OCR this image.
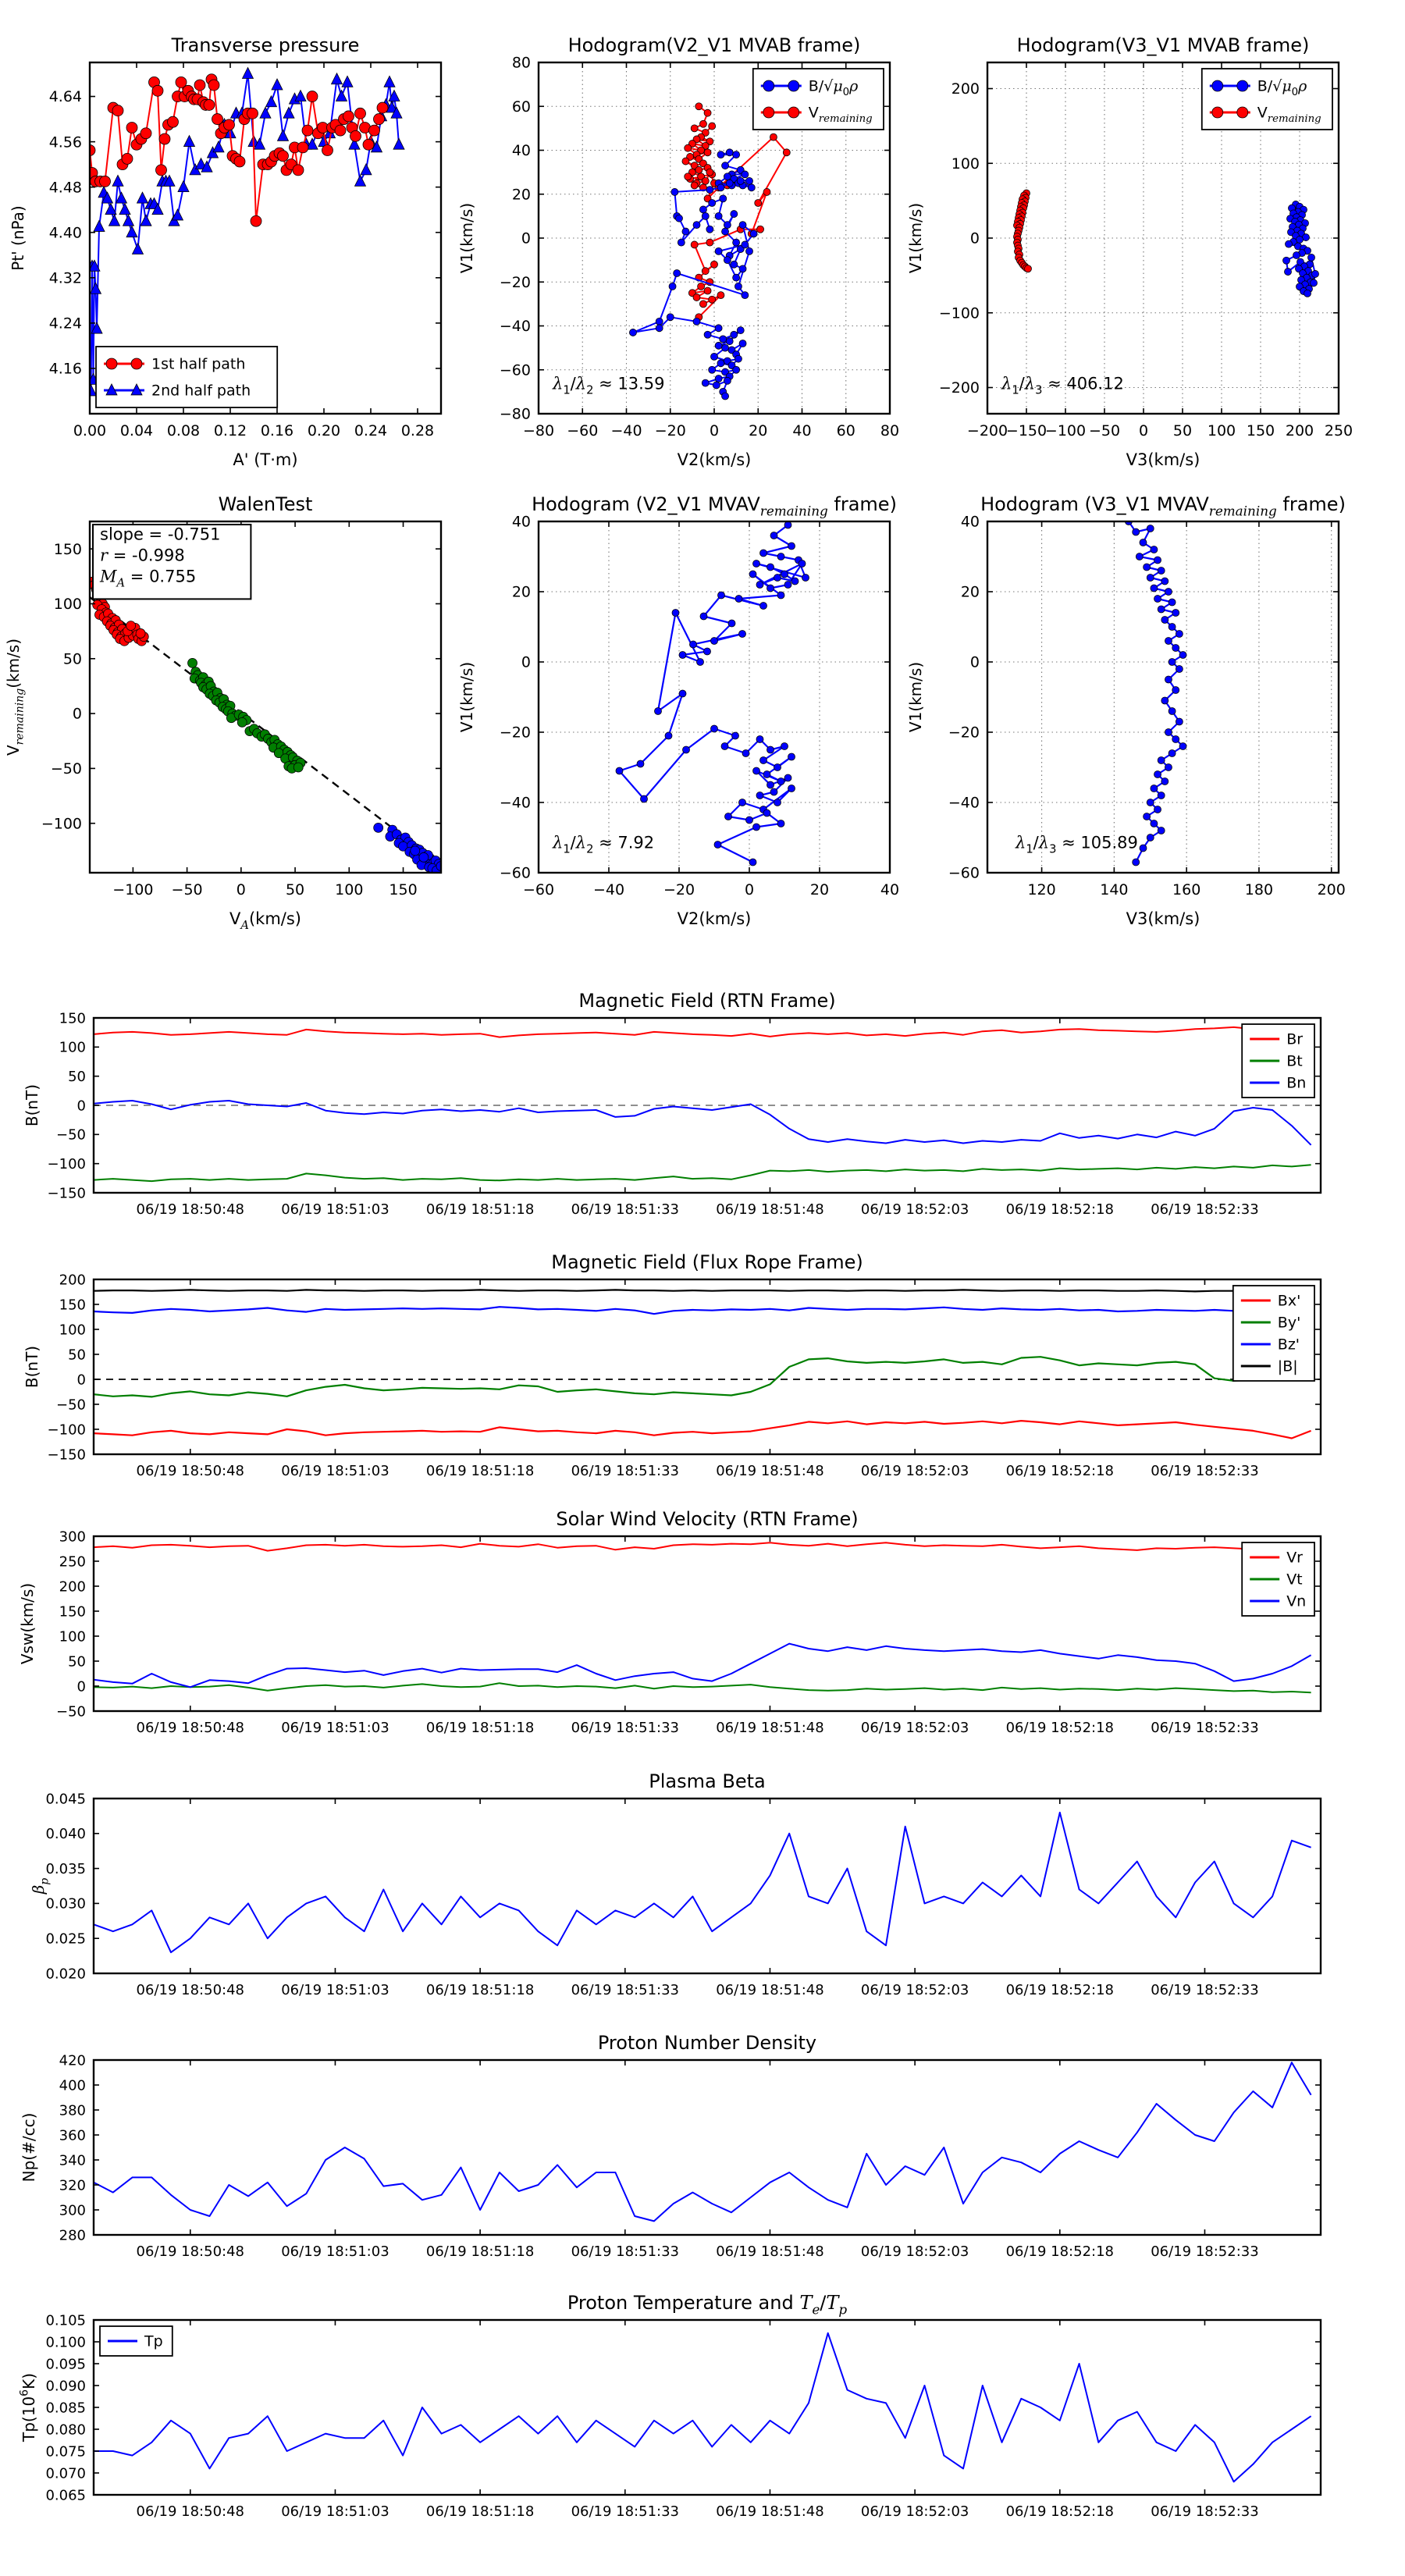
0.00 0.04 0.08 0.12 0.16 0.20 0.24 0.28
4.16
4.24
4.32
4.40
4.48
4.56
4.64
Transverse pressure
A' (T·m)
Pt' (nPa)
1st half path
2nd half path
−80 −60 −40 −20 0 20 40 60 80
−80
−60
−40
−20
0
20
40
60
80
Hodogram(V2_V1 MVAB frame)
V2(km/s)
V1(km/s)
$\lambda_1/\lambda_2 \approx 13.59$
$B/√\mu_0\rho$
$V_{remaining}$
−200
−150
−100 −50 0 50 100 150 200 250
−200
−100
0
100
200
Hodogram(V3_V1 MVAB frame)
V3(km/s)
V1(km/s)
$\lambda_1/\lambda_3 \approx 406.12$
$B/√\mu_0\rho$
$V_{remaining}$
−100 −50 0	50 100 150
−100
−50
0
50
100
150
WalenTest
$V_A(km/s)$
$V_{remaining}(km/s)$
slope = -0.751
r = -0.998
$M_A = 0.755$
−60	−40	−20	0	20	40
−60
−40
−20
0
20
40
Hodogram (V2_V1 $MVAV_{remaining}$ frame)
V2(km/s)
V1(km/s)
$\lambda_1/\lambda_2 \approx 7.92$
120	140	160	180	200
−60
−40
−20
0
20
40
Hodogram (V3_V1 $MVAV_{remaining}$ frame)
V3(km/s)
V1(km/s)
$\lambda_1/\lambda_3 \approx 105.89$
06/19 18:50:48	06/19 18:51:03	06/19 18:51:18	06/19 18:51:33	06/19 18:51:48	06/19 18:52:03	06/19 18:52:18	06/19 18:52:33
−150
−100
−50
0
50
100
150
Magnetic Field (RTN Frame)
B(nT)
Br
Bt
Bn
06/19 18:50:48	06/19 18:51:03	06/19 18:51:18	06/19 18:51:33	06/19 18:51:48	06/19 18:52:03	06/19 18:52:18	06/19 18:52:33
−150
−100
−50
0
50
100
150
200
Magnetic Field (Flux Rope Frame)
B(nT)
Bx'
By'
Bz'
|B|
06/19 18:50:48	06/19 18:51:03	06/19 18:51:18	06/19 18:51:33	06/19 18:51:48	06/19 18:52:03	06/19 18:52:18	06/19 18:52:33
−50
0
50
100
150
200
250
300
Solar Wind Velocity (RTN Frame)
Vsw(km/s)
Vr
Vt
Vn
06/19 18:50:48	06/19 18:51:03	06/19 18:51:18	06/19 18:51:33	06/19 18:51:48	06/19 18:52:03	06/19 18:52:18	06/19 18:52:33
0.020
0.025
0.030
0.035
0.040
0.045
Plasma Beta
$\beta_p$
06/19 18:50:48	06/19 18:51:03	06/19 18:51:18	06/19 18:51:33	06/19 18:51:48	06/19 18:52:03	06/19 18:52:18	06/19 18:52:33
280
300
320
340
360
380
400
420
Proton Number Density
Np(#/cc)
06/19 18:50:48	06/19 18:51:03	06/19 18:51:18	06/19 18:51:33	06/19 18:51:48	06/19 18:52:03	06/19 18:52:18	06/19 18:52:33
0.065
0.070
0.075
0.080
0.085
0.090
0.095
0.100
0.105
Proton Temperature and $T_e/T_p$
$Tp(10^6K)$
Tp
